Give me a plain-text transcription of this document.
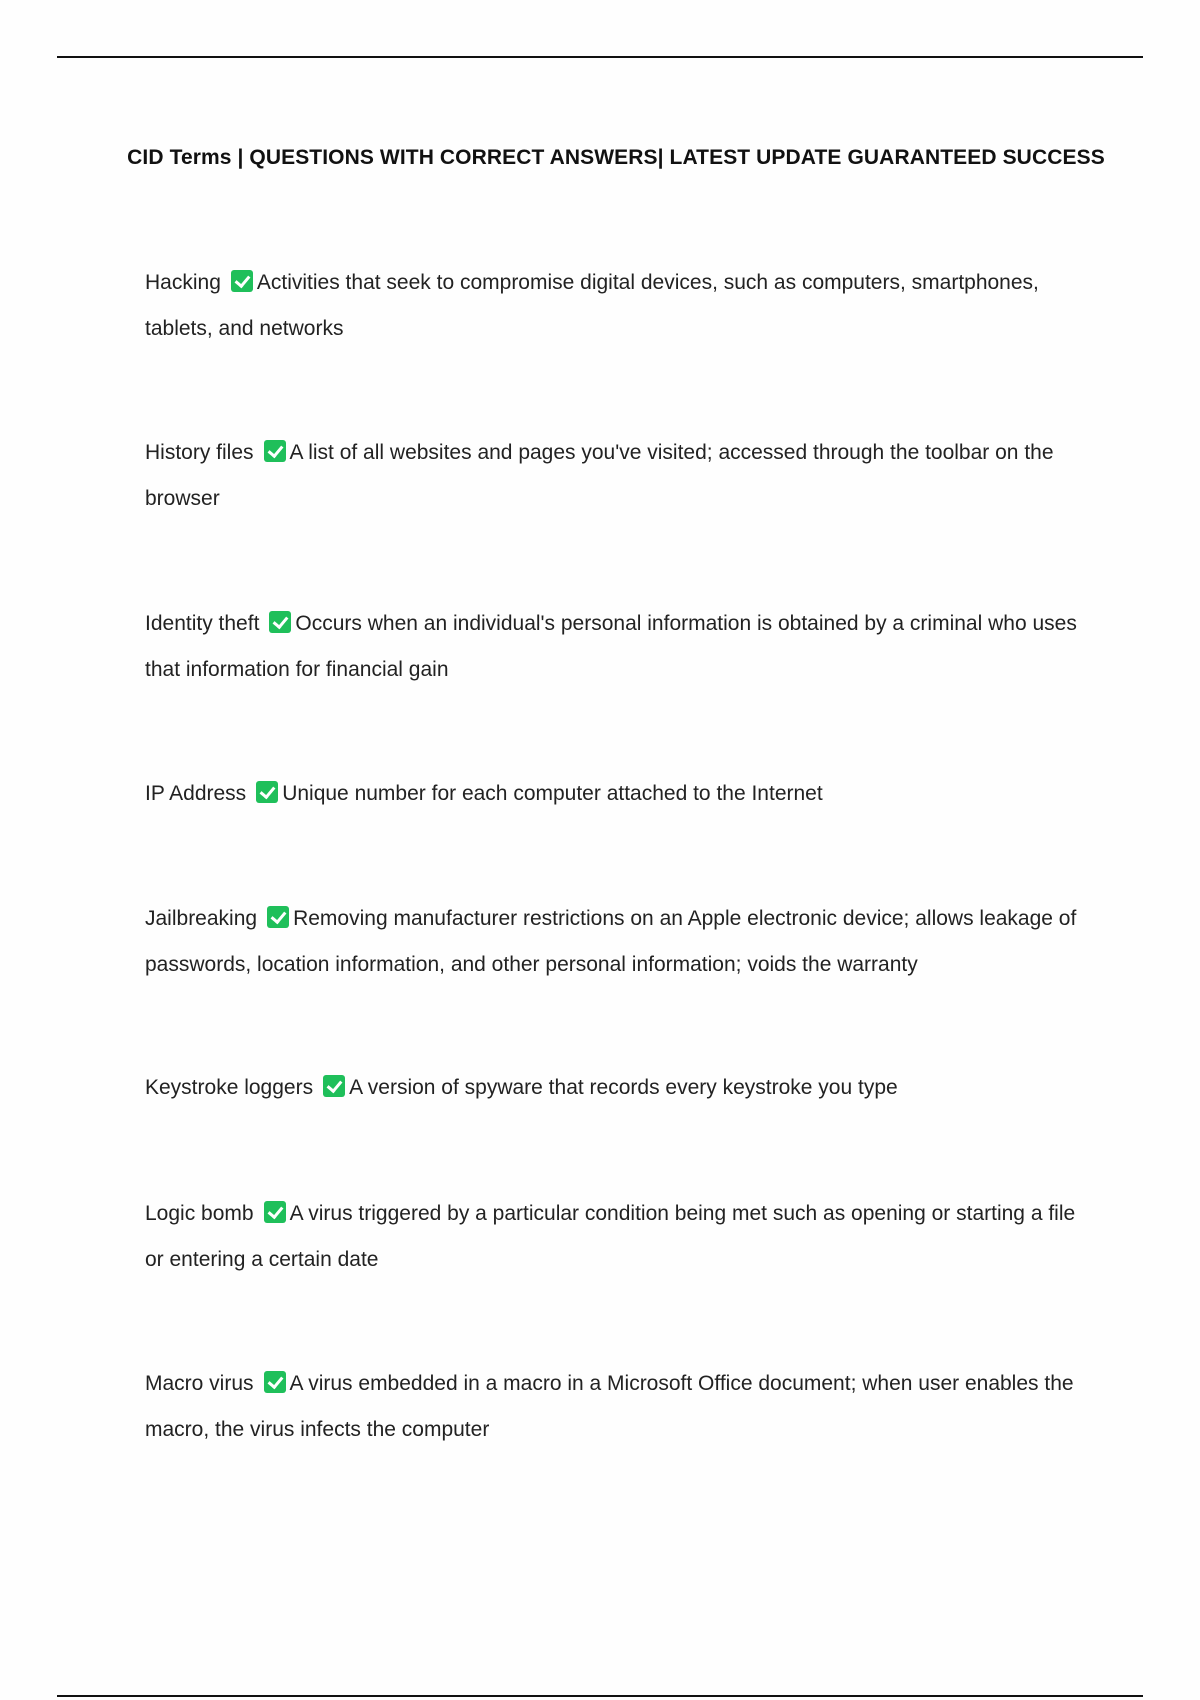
CID Terms | QUESTIONS WITH CORRECT ANSWERS| LATEST UPDATE GUARANTEED SUCCESS
Hacking Activities that seek to compromise digital devices, such as computers, smartphones, tablets, and networks
History files A list of all websites and pages you've visited; accessed through the toolbar on the browser
Identity theft Occurs when an individual's personal information is obtained by a criminal who uses that information for financial gain
IP Address Unique number for each computer attached to the Internet
Jailbreaking Removing manufacturer restrictions on an Apple electronic device; allows leakage of passwords, location information, and other personal information; voids the warranty
Keystroke loggers A version of spyware that records every keystroke you type
Logic bomb A virus triggered by a particular condition being met such as opening or starting a file or entering a certain date
Macro virus A virus embedded in a macro in a Microsoft Office document; when user enables the macro, the virus infects the computer
